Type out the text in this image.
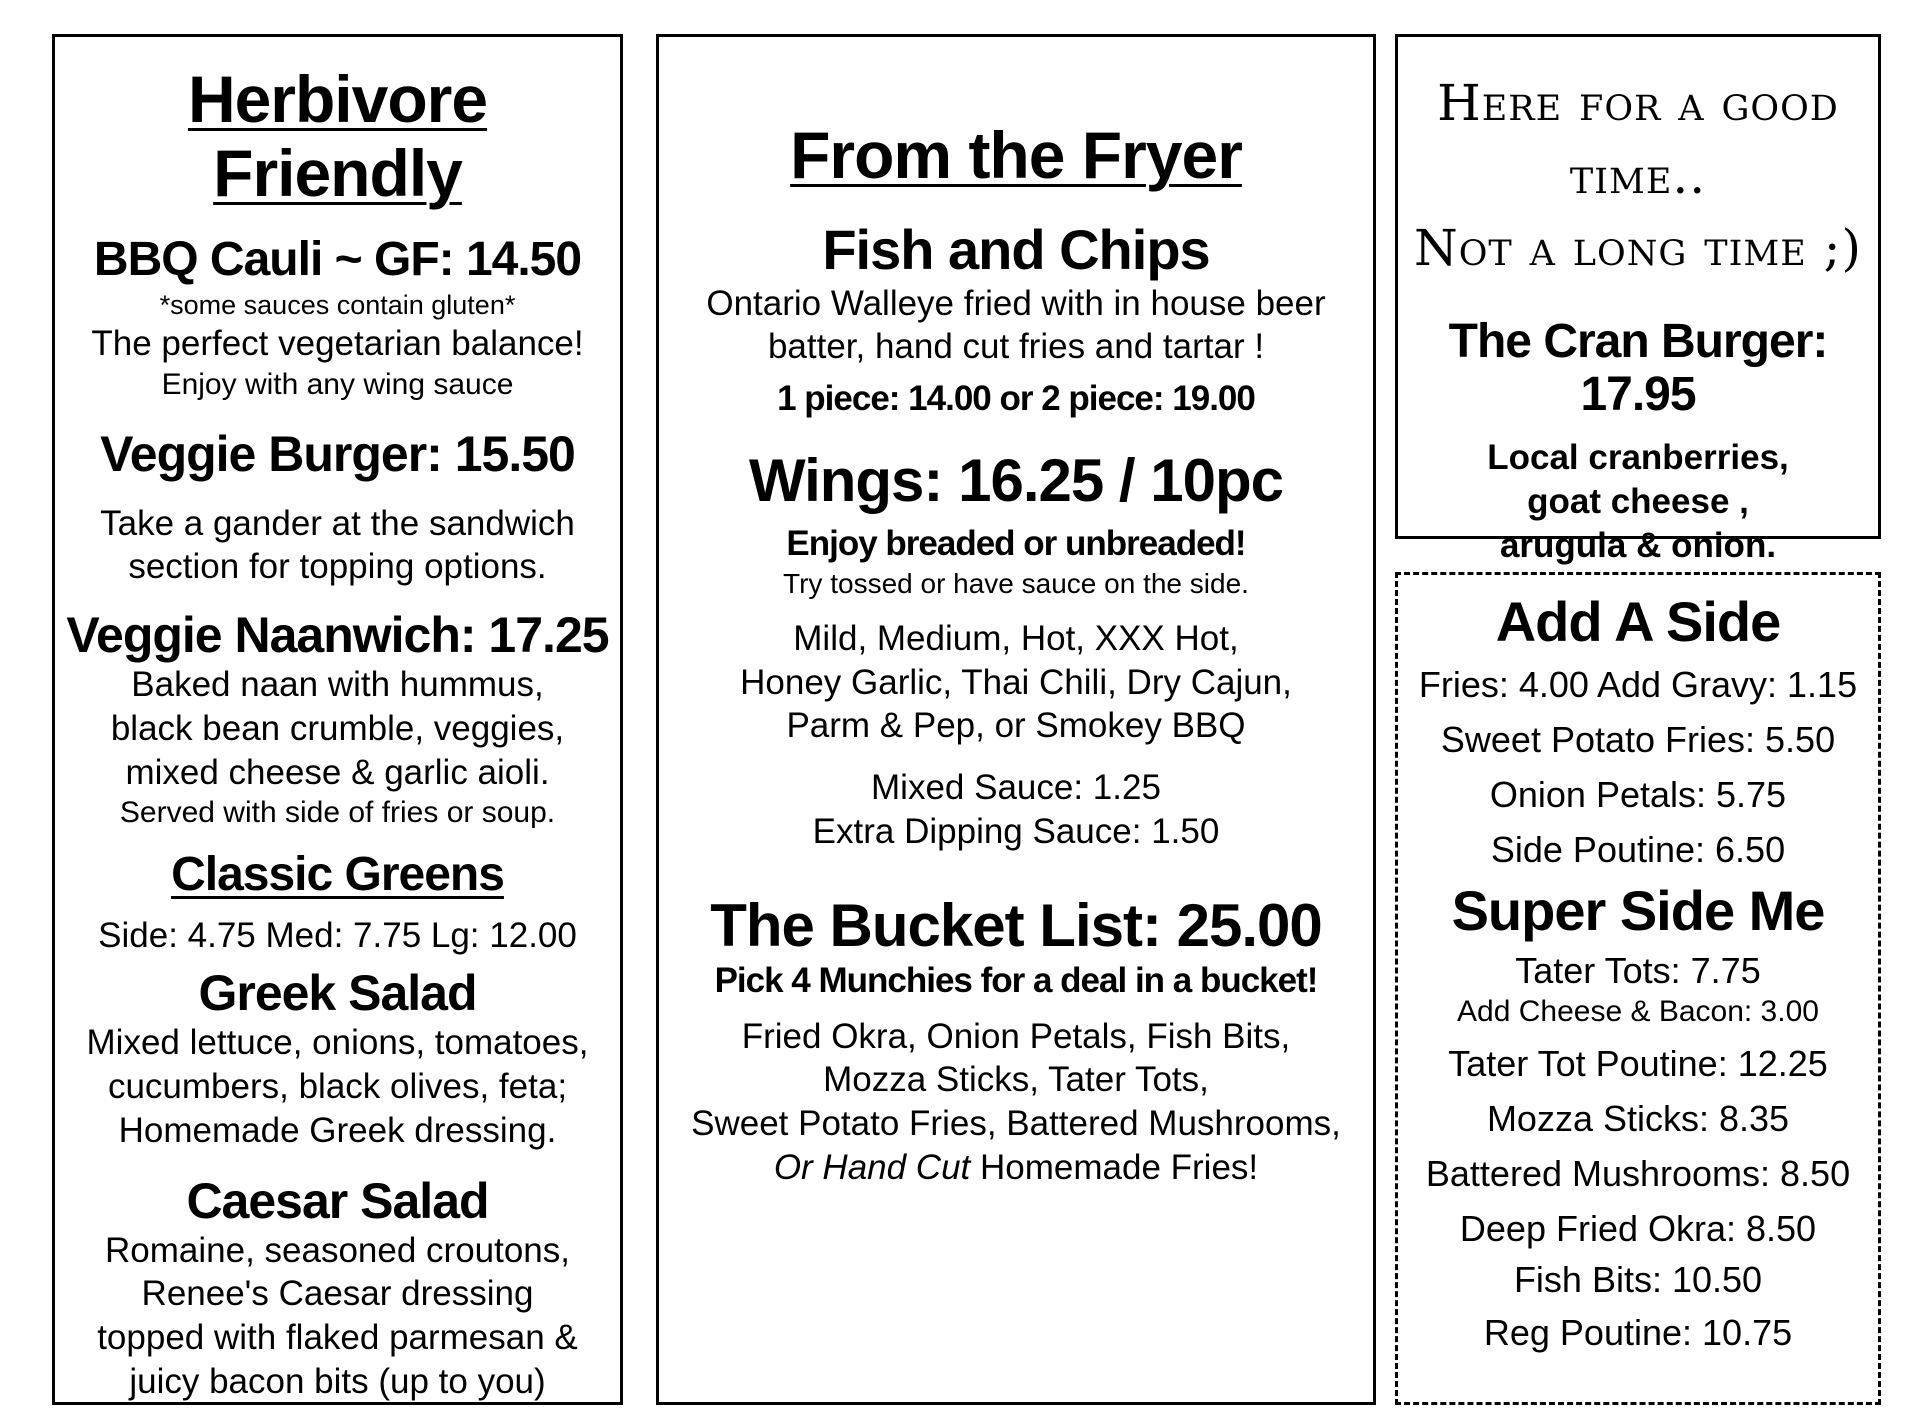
Herbivore Friendly
BBQ Cauli ~ GF: 14.50

*some sauces contain gluten*

The perfect vegetarian balance!

Enjoy with any wing sauce

Veggie Burger: 15.50

Take a gander at the sandwich

section for topping options.

Veggie Naanwich: 17.25

Baked naan with hummus,

black bean crumble, veggies,

mixed cheese & garlic aioli.

Served with side of fries or soup.

Classic Greens

Side: 4.75 Med: 7.75 Lg: 12.00

Greek Salad

Mixed lettuce, onions, tomatoes,

cucumbers, black olives, feta;

Homemade Greek dressing.

Caesar Salad

Romaine, seasoned croutons,

Renee's Caesar dressing

topped with flaked parmesan &

juicy bacon bits (up to you)

From the Fryer
Fish and Chips

Ontario Walleye fried with in house beer

batter, hand cut fries and tartar !

1 piece: 14.00 or 2 piece: 19.00

Wings: 16.25 / 10pc

Enjoy breaded or unbreaded!

Try tossed or have sauce on the side.

Mild, Medium, Hot, XXX Hot,

Honey Garlic, Thai Chili, Dry Cajun,

Parm & Pep, or Smokey BBQ

Mixed Sauce: 1.25

Extra Dipping Sauce: 1.50

The Bucket List: 25.00

Pick 4 Munchies for a deal in a bucket!

Fried Okra, Onion Petals, Fish Bits,

Mozza Sticks, Tater Tots,

Sweet Potato Fries, Battered Mushrooms,

Or Hand Cut Homemade Fries!

Here for a good time..

Not a long time ;)

The Cran Burger: 17.95

Local cranberries,

goat cheese ,

arugula & onion.

Add A Side

Fries: 4.00 Add Gravy: 1.15

Sweet Potato Fries: 5.50

Onion Petals: 5.75

Side Poutine: 6.50

Super Side Me

Tater Tots: 7.75

Add Cheese & Bacon: 3.00

Tater Tot Poutine: 12.25

Mozza Sticks: 8.35

Battered Mushrooms: 8.50

Deep Fried Okra: 8.50

Fish Bits: 10.50

Reg Poutine: 10.75
